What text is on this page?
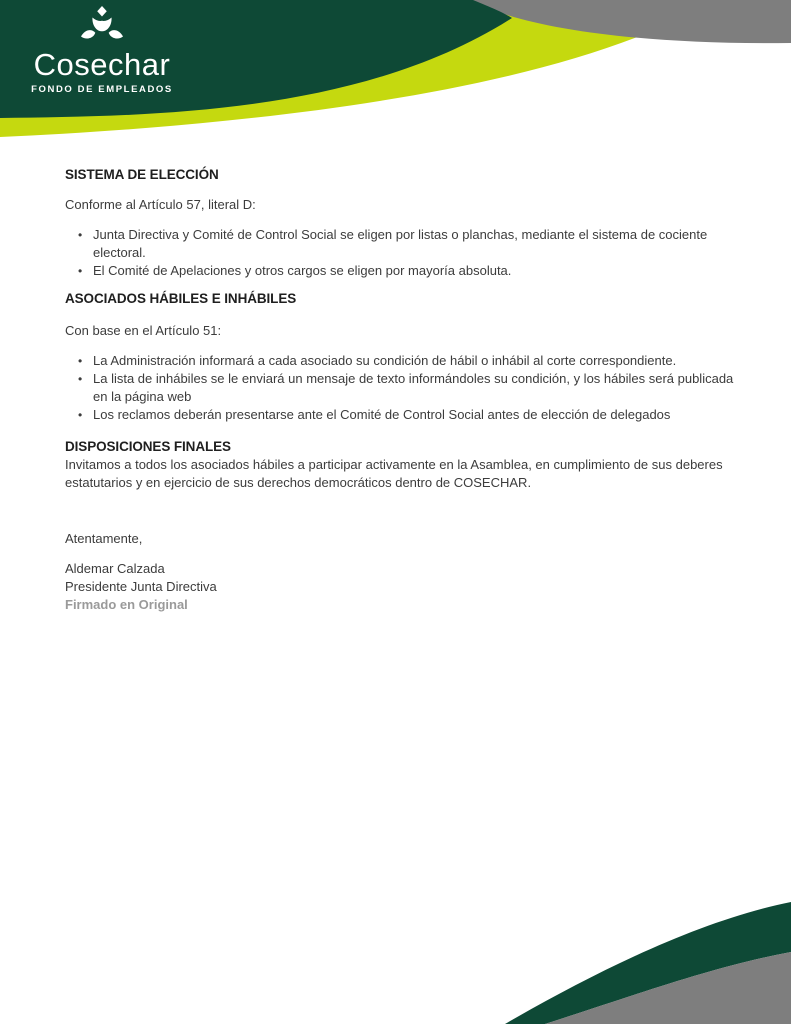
Cosechar
FONDO DE EMPLEADOS
SISTEMA DE ELECCIÓN

Conforme al Artículo 57, literal D:

• Junta Directiva y Comité de Control Social se eligen por listas o planchas, mediante el sistema de cociente electoral.
• El Comité de Apelaciones y otros cargos se eligen por mayoría absoluta.
ASOCIADOS HÁBILES E INHÁBILES

Con base en el Artículo 51:

• La Administración informará a cada asociado su condición de hábil o inhábil al corte correspondiente.
• La lista de inhábiles se le enviará un mensaje de texto informándoles su condición, y los hábiles será publicada en la página web
• Los reclamos deberán presentarse ante el Comité de Control Social antes de elección de delegados
DISPOSICIONES FINALES

Invitamos a todos los asociados hábiles a participar activamente en la Asamblea, en cumplimiento de sus deberes estatutarios y en ejercicio de sus derechos democráticos dentro de COSECHAR.

Atentamente,

Aldemar Calzada

Presidente Junta Directiva

Firmado en Original
